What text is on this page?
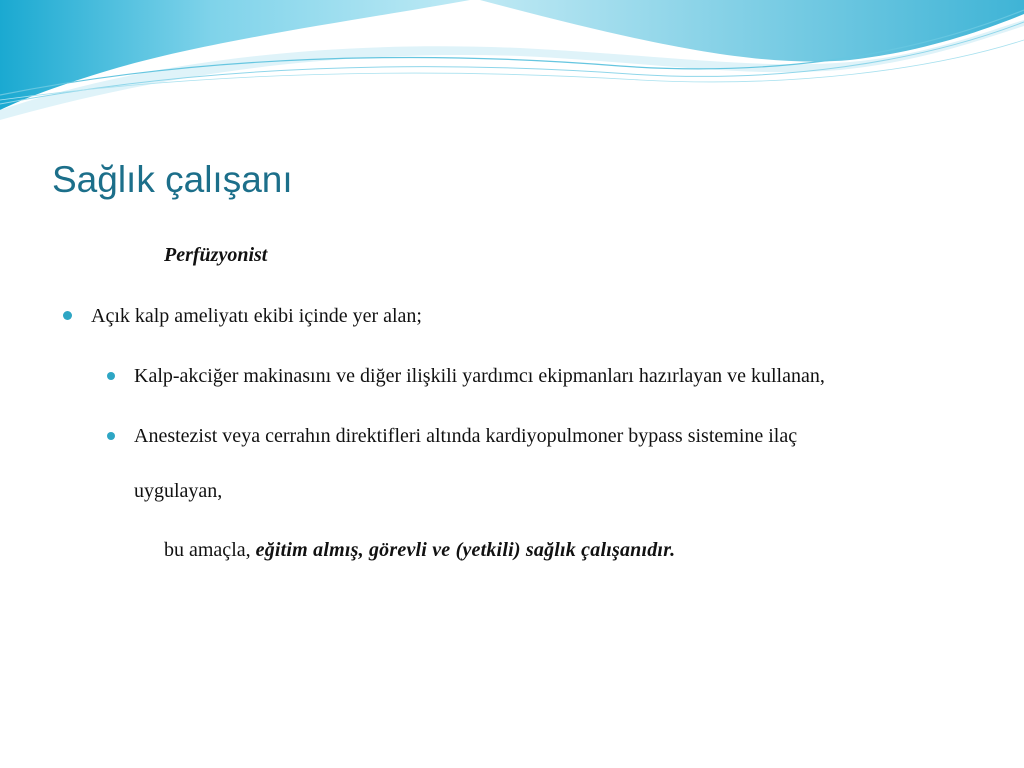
Sağlık çalışanı
Perfüzyonist
Açık kalp ameliyatı ekibi içinde yer alan;
Kalp-akciğer makinasını ve diğer ilişkili yardımcı ekipmanları hazırlayan ve kullanan,
Anestezist veya cerrahın direktifleri altında kardiyopulmoner bypass sistemine ilaç
uygulayan,
bu amaçla, eğitim almış, görevli ve (yetkili) sağlık çalışanıdır.
